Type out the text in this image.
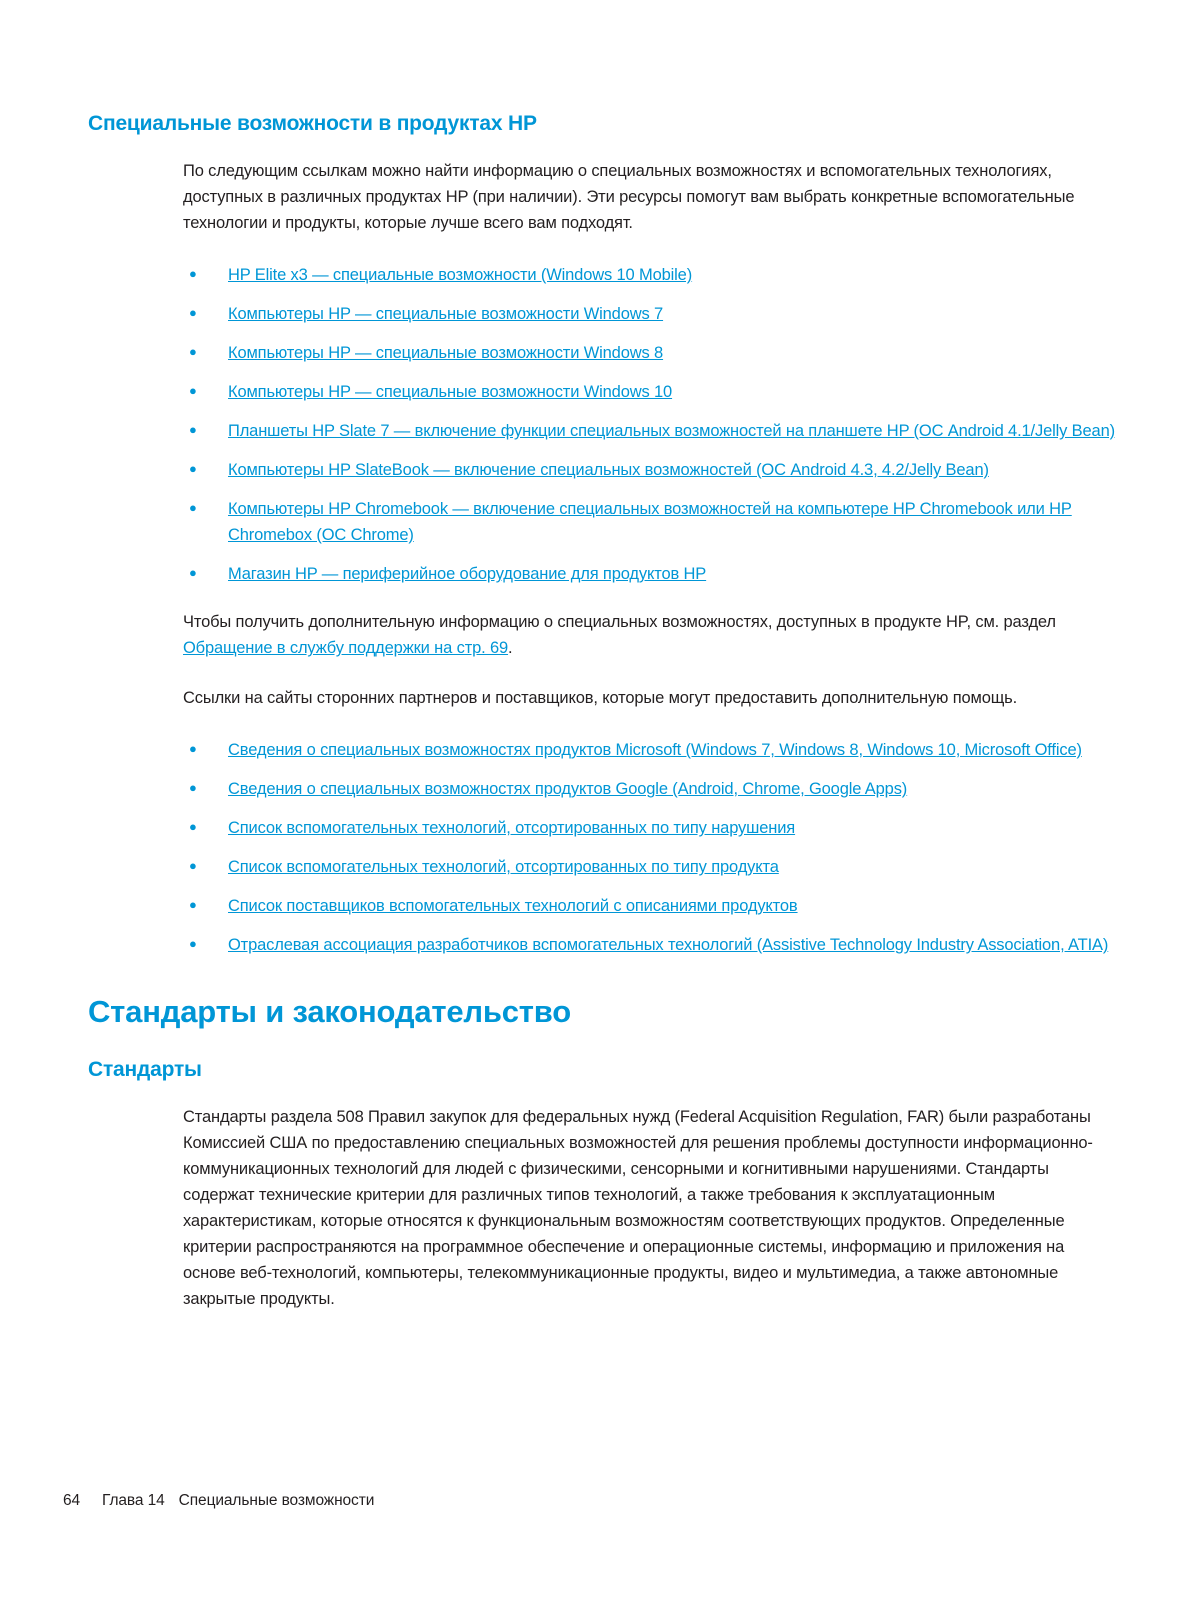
Специальные возможности в продуктах HP

По следующим ссылкам можно найти информацию о специальных возможностях и вспомогательных технологиях, доступных в различных продуктах HP (при наличии). Эти ресурсы помогут вам выбрать конкретные вспомогательные технологии и продукты, которые лучше всего вам подходят.

● HP Elite x3 — специальные возможности (Windows 10 Mobile)
● Компьютеры HP — специальные возможности Windows 7
● Компьютеры HP — специальные возможности Windows 8
● Компьютеры HP — специальные возможности Windows 10
● Планшеты HP Slate 7 — включение функции специальных возможностей на планшете HP (ОС Android 4.1/Jelly Bean)
● Компьютеры HP SlateBook — включение специальных возможностей (ОС Android 4.3, 4.2/Jelly Bean)
● Компьютеры HP Chromebook — включение специальных возможностей на компьютере HP Chromebook или HP Chromebox (ОС Chrome)
● Магазин HP — периферийное оборудование для продуктов HP

Чтобы получить дополнительную информацию о специальных возможностях, доступных в продукте HP, см. раздел Обращение в службу поддержки на стр. 69.

Ссылки на сайты сторонних партнеров и поставщиков, которые могут предоставить дополнительную помощь.

● Сведения о специальных возможностях продуктов Microsoft (Windows 7, Windows 8, Windows 10, Microsoft Office)
● Сведения о специальных возможностях продуктов Google (Android, Chrome, Google Apps)
● Список вспомогательных технологий, отсортированных по типу нарушения
● Список вспомогательных технологий, отсортированных по типу продукта
● Список поставщиков вспомогательных технологий с описаниями продуктов
● Отраслевая ассоциация разработчиков вспомогательных технологий (Assistive Technology Industry Association, ATIA)
Стандарты и законодательство
Стандарты

Стандарты раздела 508 Правил закупок для федеральных нужд (Federal Acquisition Regulation, FAR) были разработаны Комиссией США по предоставлению специальных возможностей для решения проблемы доступности информационно-коммуникационных технологий для людей с физическими, сенсорными и когнитивными нарушениями. Стандарты содержат технические критерии для различных типов технологий, а также требования к эксплуатационным характеристикам, которые относятся к функциональным возможностям соответствующих продуктов. Определенные критерии распространяются на программное обеспечение и операционные системы, информацию и приложения на основе веб-технологий, компьютеры, телекоммуникационные продукты, видео и мультимедиа, а также автономные закрытые продукты.

64 Глава 14 Специальные возможности
